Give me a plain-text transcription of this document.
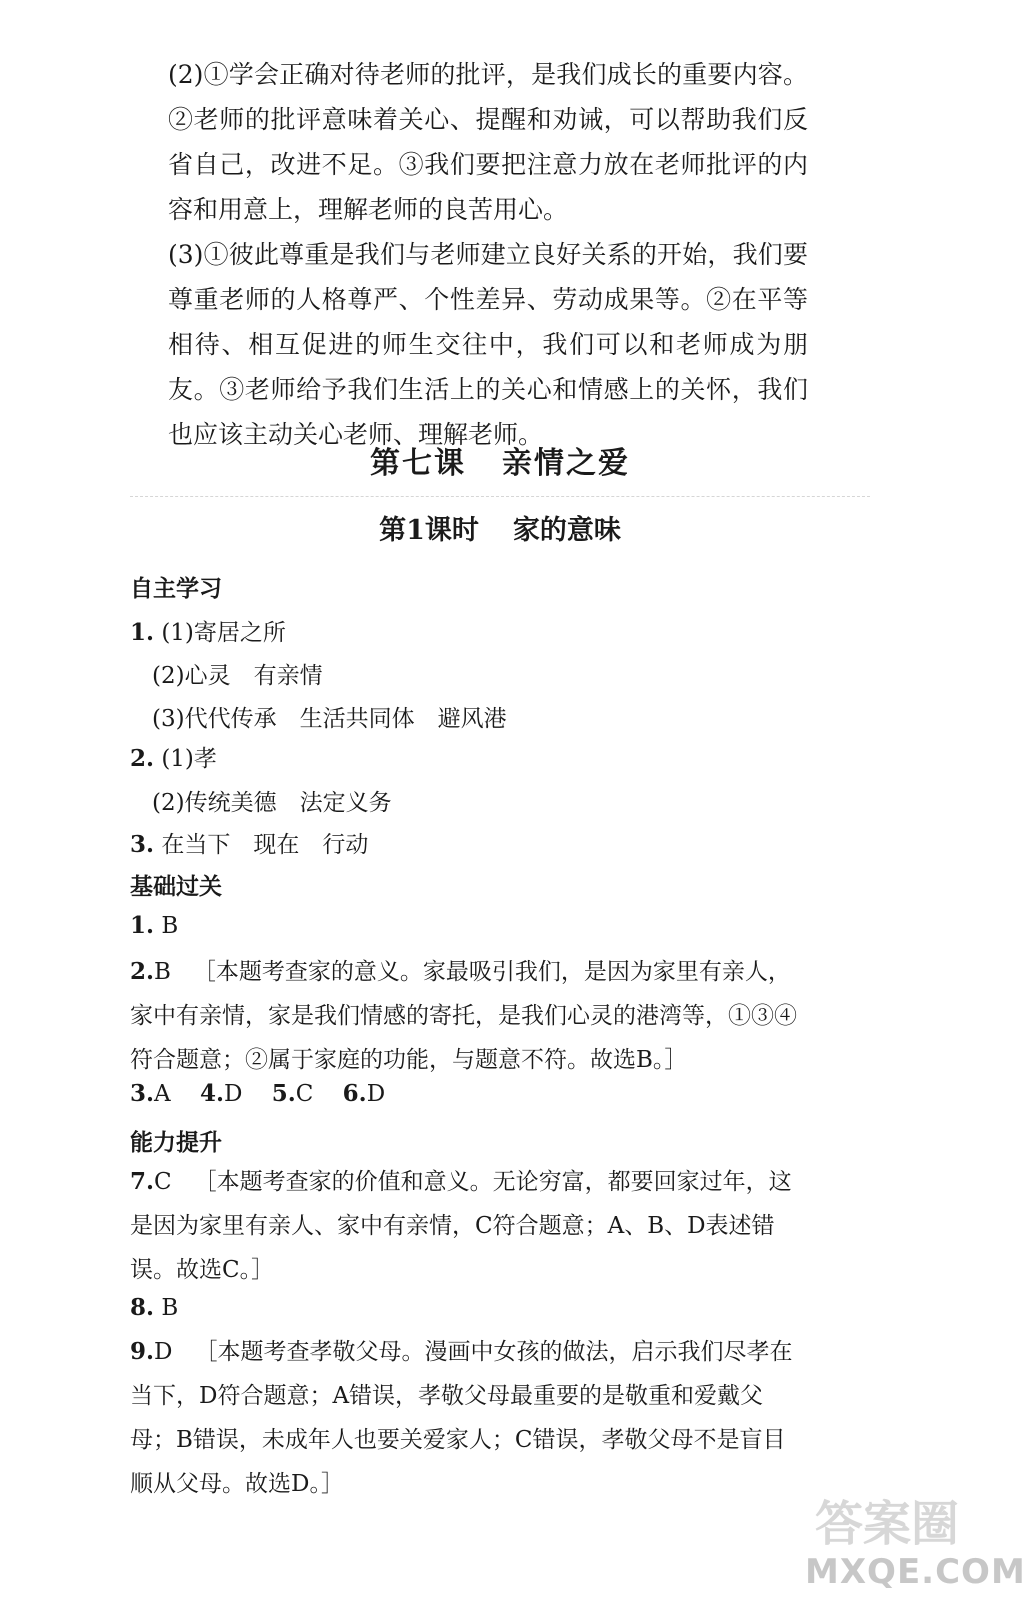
(2)①学会正确对待老师的批评，是我们成长的重要内容。②老师的批评意味着关心、提醒和劝诫，可以帮助我们反省自己，改进不足。③我们要把注意力放在老师批评的内容和用意上，理解老师的良苦用心。

(3)①彼此尊重是我们与老师建立良好关系的开始，我们要尊重老师的人格尊严、个性差异、劳动成果等。②在平等相待、相互促进的师生交往中，我们可以和老师成为朋友。③老师给予我们生活上的关心和情感上的关怀，我们也应该主动关心老师、理解老师。

第七课 亲情之爱
第1课时 家的意味
自主学习
1. (1)寄居之所
(2)心灵　有亲情
(3)代代传承　生活共同体　避风港
2. (1)孝
(2)传统美德　法定义务
3. 在当下　现在　行动
基础过关
1. B

2.B ［本题考查家的意义。家最吸引我们，是因为家里有亲人，家中有亲情，家是我们情感的寄托，是我们心灵的港湾等，①③④符合题意；②属于家庭的功能，与题意不符。故选B。］

3.A 4.D 5.C 6.D
能力提升

7.C ［本题考查家的价值和意义。无论穷富，都要回家过年，这是因为家里有亲人、家中有亲情，C符合题意；A、B、D表述错误。故选C。］

8. B

9.D ［本题考查孝敬父母。漫画中女孩的做法，启示我们尽孝在当下，D符合题意；A错误，孝敬父母最重要的是敬重和爱戴父母；B错误，未成年人也要关爱家人；C错误，孝敬父母不是盲目顺从父母。故选D。］

答案圈
MXQE.COM
